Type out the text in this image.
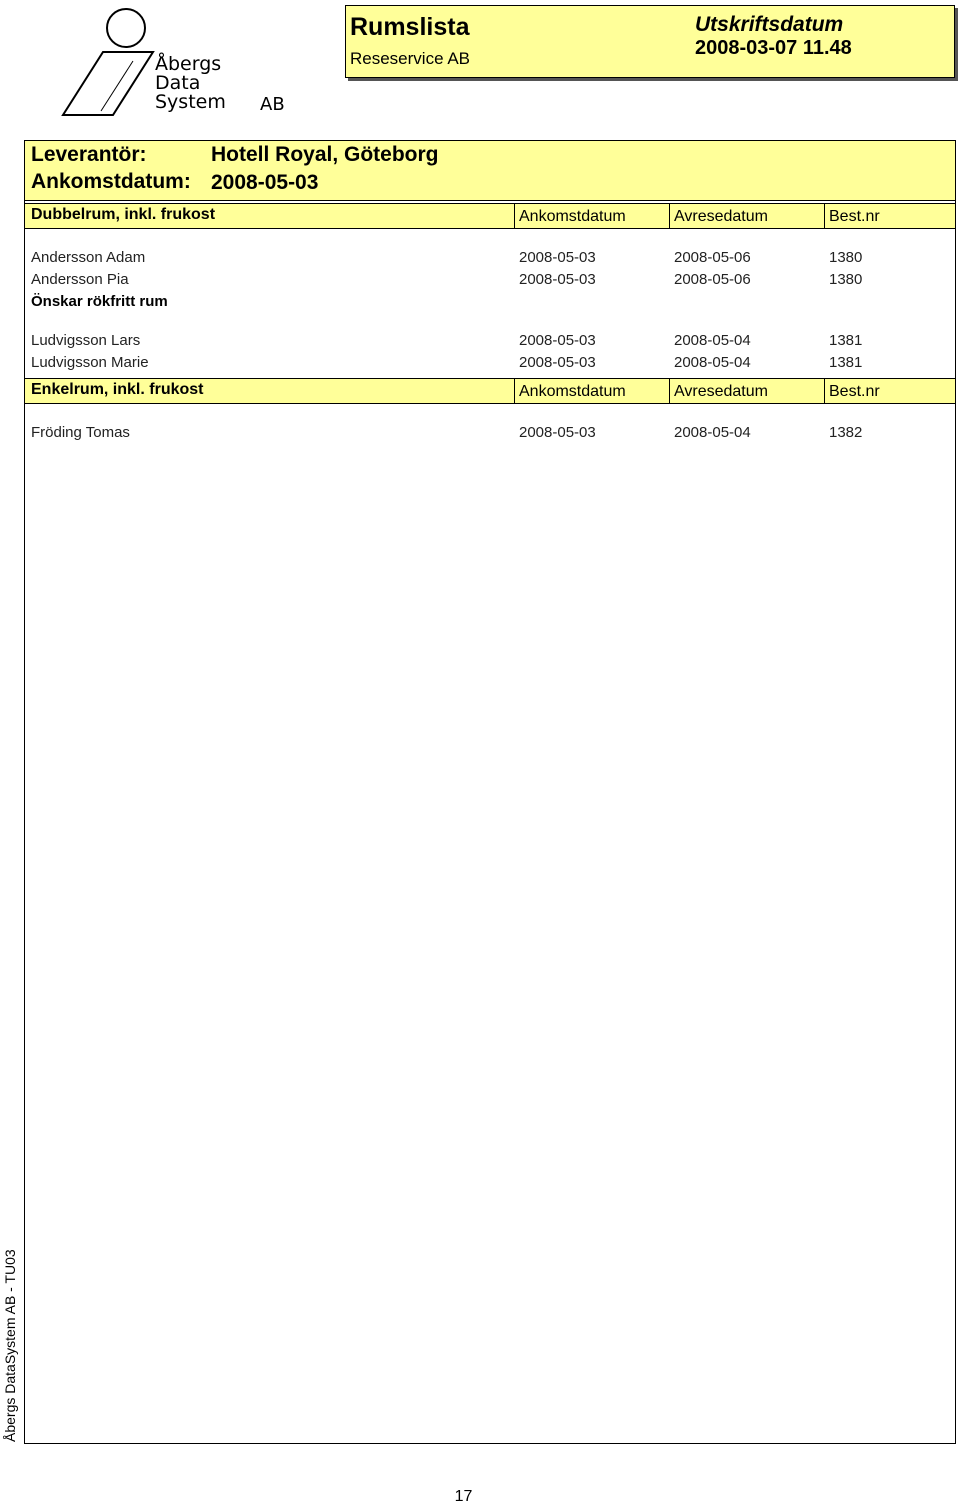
Åbergs
Data
System AB
Rumslista
Reseservice AB
Utskriftsdatum
2008-03-07 11.48
Leverantör:	Hotell Royal, Göteborg
Ankomstdatum: 2008-05-03
Dubbelrum, inkl. frukost	Ankomstdatum	Avresedatum	Best.nr
Andersson Adam	2008-05-03	2008-05-06	1380
Andersson Pia	2008-05-03	2008-05-06	1380
Önskar rökfritt rum
Ludvigsson Lars	2008-05-03	2008-05-04	1381
Ludvigsson Marie	2008-05-03	2008-05-04	1381
Enkelrum, inkl. frukost	Ankomstdatum	Avresedatum	Best.nr
Fröding Tomas	2008-05-03	2008-05-04	1382
Åbergs DataSystem AB - TU03
17
